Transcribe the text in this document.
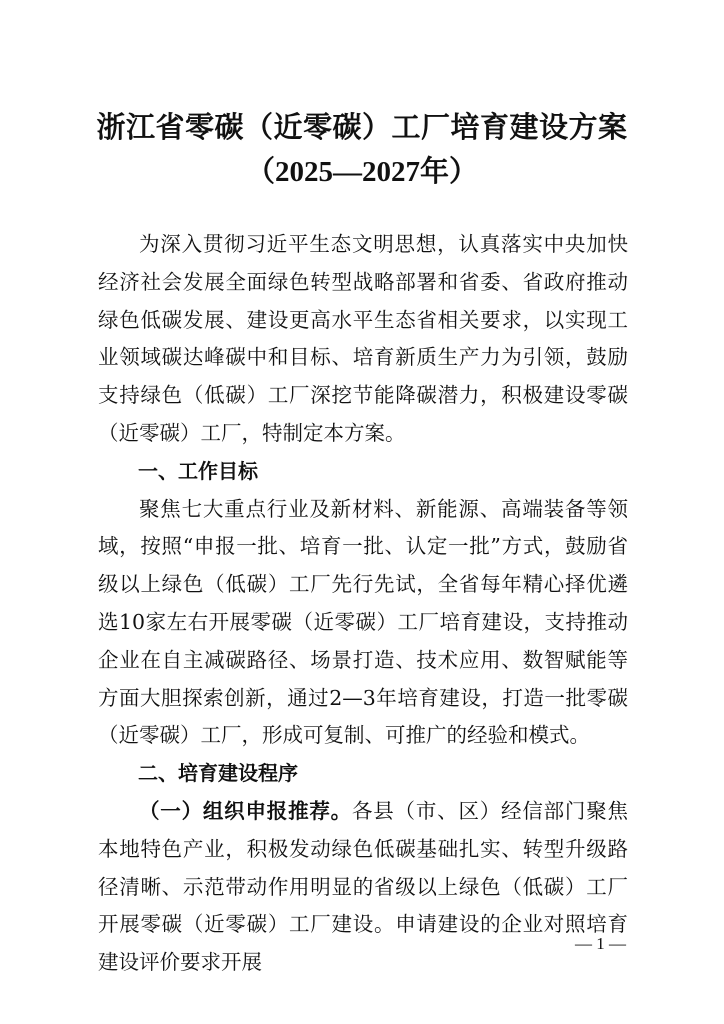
浙江省零碳（近零碳）工厂培育建设方案
（2025—2027年）

为深入贯彻习近平生态文明思想，认真落实中央加快经济社会发展全面绿色转型战略部署和省委、省政府推动绿色低碳发展、建设更高水平生态省相关要求，以实现工业领域碳达峰碳中和目标、培育新质生产力为引领，鼓励支持绿色（低碳）工厂深挖节能降碳潜力，积极建设零碳（近零碳）工厂，特制定本方案。

一、工作目标

聚焦七大重点行业及新材料、新能源、高端装备等领域，按照“申报一批、培育一批、认定一批”方式，鼓励省级以上绿色（低碳）工厂先行先试，全省每年精心择优遴选10家左右开展零碳（近零碳）工厂培育建设，支持推动企业在自主减碳路径、场景打造、技术应用、数智赋能等方面大胆探索创新，通过2—3年培育建设，打造一批零碳（近零碳）工厂，形成可复制、可推广的经验和模式。

二、培育建设程序

（一）组织申报推荐。各县（市、区）经信部门聚焦本地特色产业，积极发动绿色低碳基础扎实、转型升级路径清晰、示范带动作用明显的省级以上绿色（低碳）工厂开展零碳（近零碳）工厂建设。申请建设的企业对照培育建设评价要求开展

— 1 —
